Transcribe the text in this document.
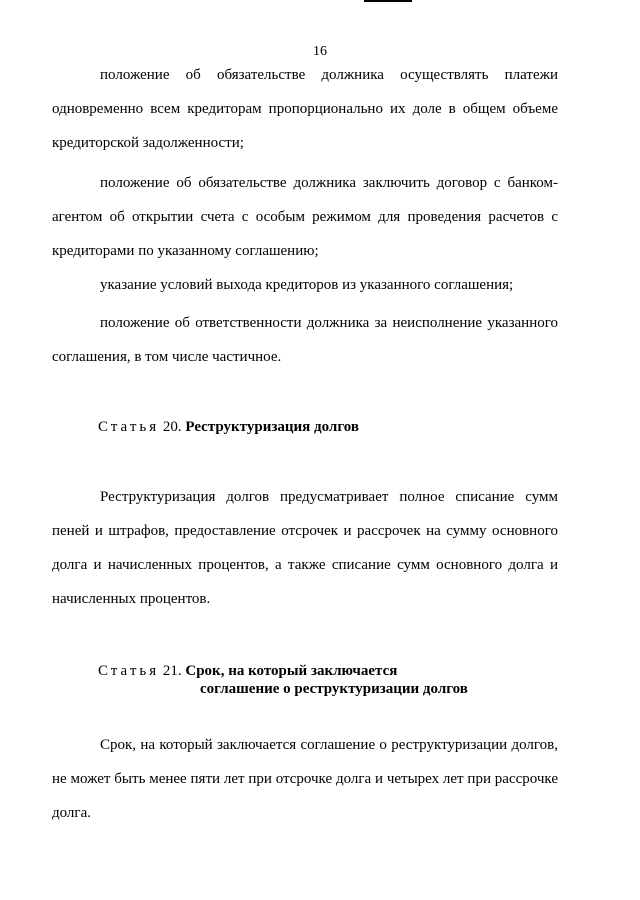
16

положение об обязательстве должника осуществлять платежи одновременно всем кредиторам пропорционально их доле в общем объеме кредиторской задолженности;

положение об обязательстве должника заключить договор с банком-агентом об открытии счета с особым режимом для проведения расчетов с кредиторами по указанному соглашению;

указание условий выхода кредиторов из указанного соглашения;

положение об ответственности должника за неисполнение указанного соглашения, в том числе частичное.

Статья 20. Реструктуризация долгов

Реструктуризация долгов предусматривает полное списание сумм пеней и штрафов, предоставление отсрочек и рассрочек на сумму основного долга и начисленных процентов, а также списание сумм основного долга и начисленных процентов.

Статья 21. Срок, на который заключается
соглашение о реструктуризации долгов

Срок, на который заключается соглашение о реструктуризации долгов, не может быть менее пяти лет при отсрочке долга и четырех лет при рассрочке долга.
